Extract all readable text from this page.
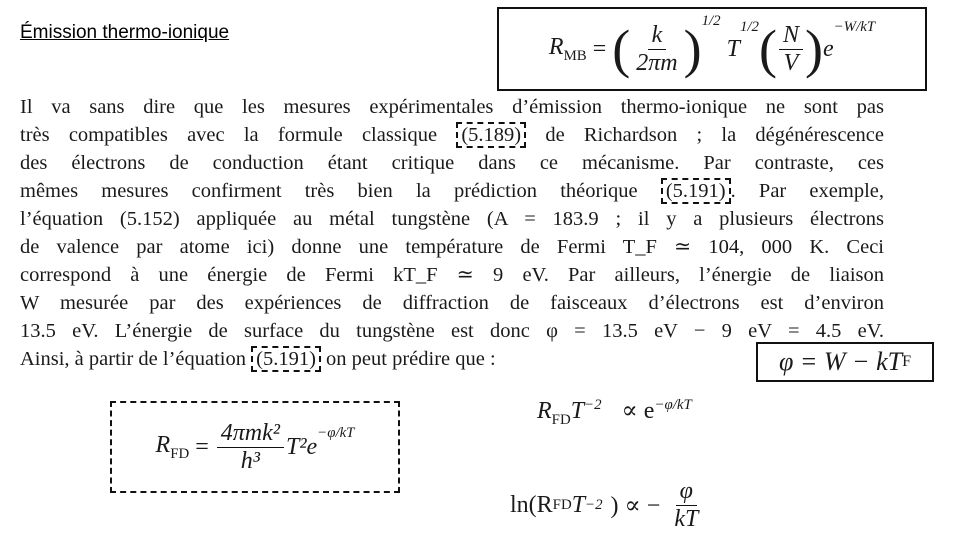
Émission thermo-ionique
$R_{MB}$ = ( $\frac{k}{2\pi m} )^{1/2}$
T
$^{1/2}$ ( $\frac{N}{V}$ ) e
$^{-W/kT}$
Il va sans dire que les mesures expérimentales d’émission thermo-ionique ne sont pas
très compatibles avec la formule classique (5.189) de Richardson ; la dégénérescence
des électrons de conduction étant critique dans ce mécanisme. Par contraste, ces
mêmes mesures confirment très bien la prédiction théorique (5.191) . Par exemple,
l’équation (5.152) appliquée au métal tungstène (A = 183.9 ; il y a plusieurs électrons
de valence par atome ici) donne une température de Fermi T_F ≃ 104, 000 K. Ceci
correspond à une énergie de Fermi kT_F ≃ 9 eV. Par ailleurs, l’énergie de liaison
W mesurée par des expériences de diffraction de faisceaux d’électrons est d’environ
13.5 eV. L’énergie de surface du tungstène est donc φ = 13.5 eV − 9 eV = 4.5 eV.
Ainsi, à partir de l’équation (5.191) on peut prédire que :	φ = W − kT F
$R_{FD} = \frac{\text{4πmk²}}{\text{h³}} T^2e$
$^{-\varphi/kT}$
$R_{FD}T^{-2} \propto e^{-\varphi/kT}$
ln(R FD T −2 ) ∝ − $\frac{\varphi}{kT}$
